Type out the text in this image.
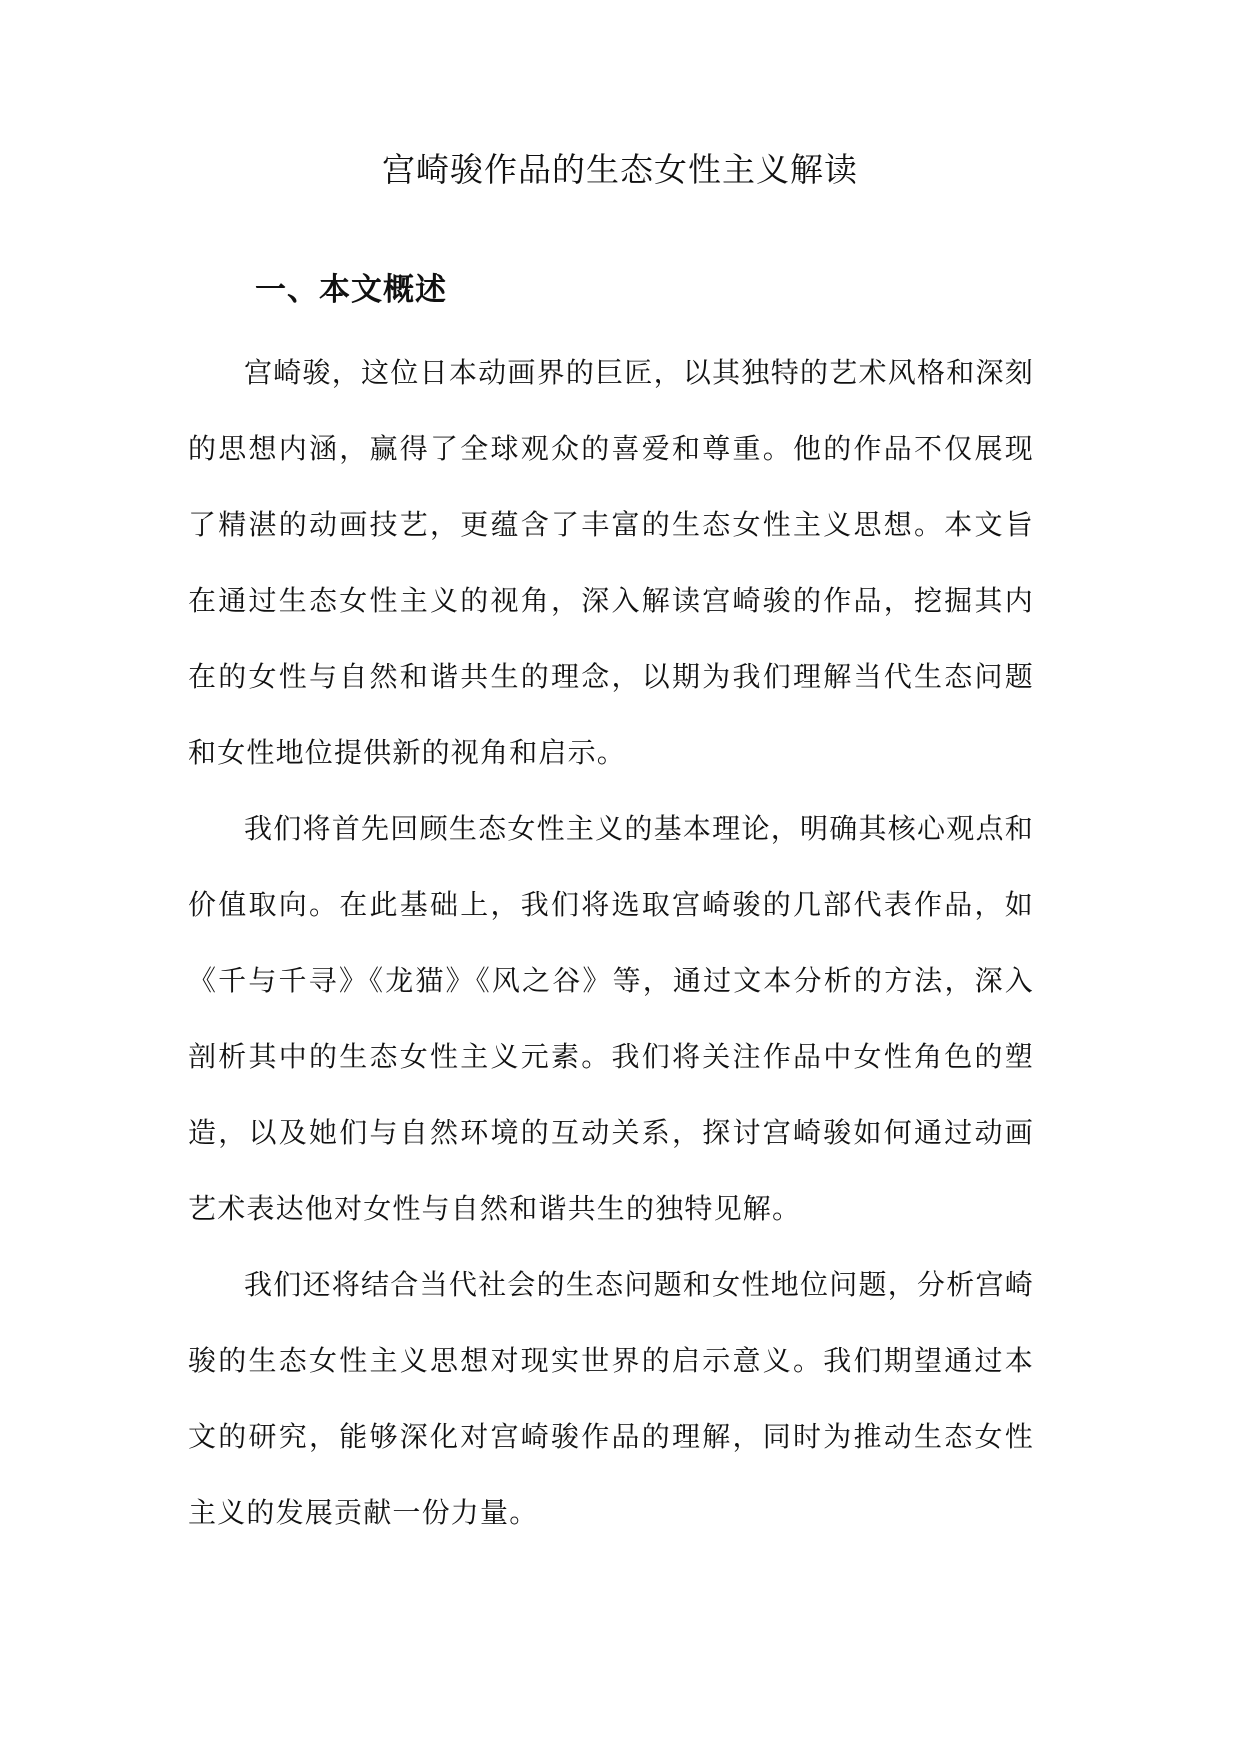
宫崎骏作品的生态女性主义解读
一、本文概述

宫崎骏，这位日本动画界的巨匠，以其独特的艺术风格和深刻的思想内涵，赢得了全球观众的喜爱和尊重。他的作品不仅展现了精湛的动画技艺，更蕴含了丰富的生态女性主义思想。本文旨在通过生态女性主义的视角，深入解读宫崎骏的作品，挖掘其内在的女性与自然和谐共生的理念，以期为我们理解当代生态问题和女性地位提供新的视角和启示。

我们将首先回顾生态女性主义的基本理论，明确其核心观点和价值取向。在此基础上，我们将选取宫崎骏的几部代表作品，如《千与千寻》《龙猫》《风之谷》等，通过文本分析的方法，深入剖析其中的生态女性主义元素。我们将关注作品中女性角色的塑造，以及她们与自然环境的互动关系，探讨宫崎骏如何通过动画艺术表达他对女性与自然和谐共生的独特见解。

我们还将结合当代社会的生态问题和女性地位问题，分析宫崎骏的生态女性主义思想对现实世界的启示意义。我们期望通过本文的研究，能够深化对宫崎骏作品的理解，同时为推动生态女性主义的发展贡献一份力量。
